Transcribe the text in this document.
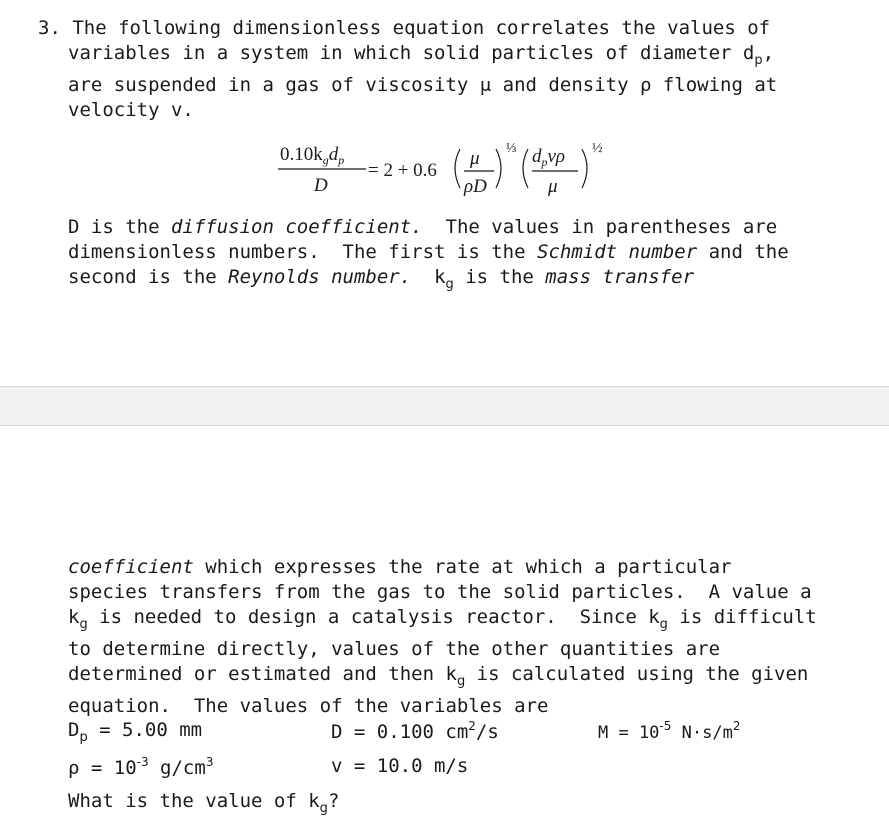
3. The following dimensionless equation correlates the values of
variables in a system in which solid particles of diameter $d_p$,
are suspended in a gas of viscosity μ and density ρ flowing at
velocity v.
$0.10k_gd_p$
D
= 2 + 0.6
μ
ρD
⅓ $d_pv\rho$
μ
½
D is the diffusion coefficient.  The values in parentheses are
dimensionless numbers.  The first is the Schmidt number and the
second is the Reynolds number.  $k_g$ is the mass transfer
coefficient which expresses the rate at which a particular
species transfers from the gas to the solid particles.  A value a
$k_g$ is needed to design a catalysis reactor.  Since $k_g$ is difficult
to determine directly, values of the other quantities are
determined or estimated and then $k_g$ is calculated using the given
equation.  The values of the variables are
$D_p = 5.00$ mm	D = 0.100 $cm^2/s$	$M = 10^{-5}$ $N\cdot s/m^2$
$\rho = 10^{-3}$ $g/cm^3$	v = 10.0 m/s
What is the value of $k_g$?
